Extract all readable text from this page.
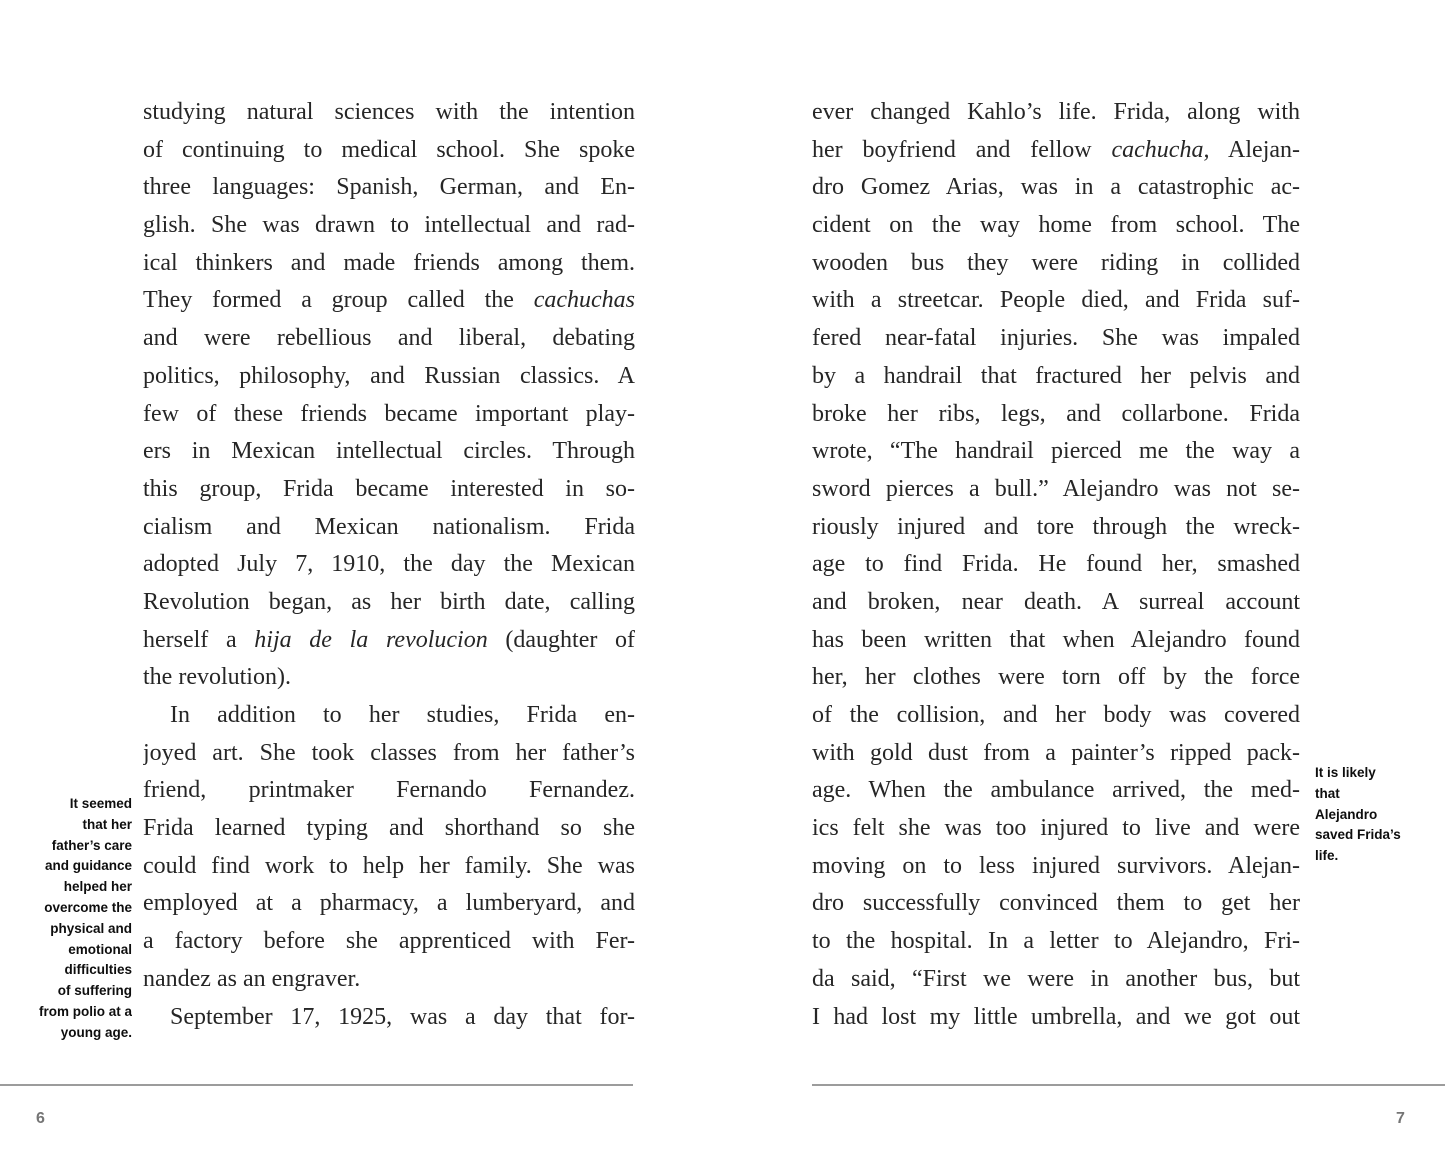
It seemed
that her
father’s care
and guidance
helped her
overcome the
physical and
emotional
difficulties
of suffering
from polio at a
young age.
studying natural sciences with the intention
of continuing to medical school. She spoke
three languages: Spanish, German, and En-
glish. She was drawn to intellectual and rad-
ical thinkers and made friends among them.
They formed a group called the cachuchas
and were rebellious and liberal, debating
politics, philosophy, and Russian classics. A
few of these friends became important play-
ers in Mexican intellectual circles. Through
this group, Frida became interested in so-
cialism and Mexican nationalism. Frida
adopted July 7, 1910, the day the Mexican
Revolution began, as her birth date, calling
herself a hija de la revolucion (daughter of
the revolution).
In addition to her studies, Frida en-
joyed art. She took classes from her father’s
friend, printmaker Fernando Fernandez.
Frida learned typing and shorthand so she
could find work to help her family. She was
employed at a pharmacy, a lumberyard, and
a factory before she apprenticed with Fer-
nandez as an engraver.
September 17, 1925, was a day that for-
ever changed Kahlo’s life. Frida, along with
her boyfriend and fellow cachucha, Alejan-
dro Gomez Arias, was in a catastrophic ac-
cident on the way home from school. The
wooden bus they were riding in collided
with a streetcar. People died, and Frida suf-
fered near-fatal injuries. She was impaled
by a handrail that fractured her pelvis and
broke her ribs, legs, and collarbone. Frida
wrote, “The handrail pierced me the way a
sword pierces a bull.” Alejandro was not se-
riously injured and tore through the wreck-
age to find Frida. He found her, smashed
and broken, near death. A surreal account
has been written that when Alejandro found
her, her clothes were torn off by the force
of the collision, and her body was covered
with gold dust from a painter’s ripped pack-
age. When the ambulance arrived, the med-
ics felt she was too injured to live and were
moving on to less injured survivors. Alejan-
dro successfully convinced them to get her
to the hospital. In a letter to Alejandro, Fri-
da said, “First we were in another bus, but
I had lost my little umbrella, and we got out
It is likely
that
Alejandro
saved Frida’s
life.
6	7
